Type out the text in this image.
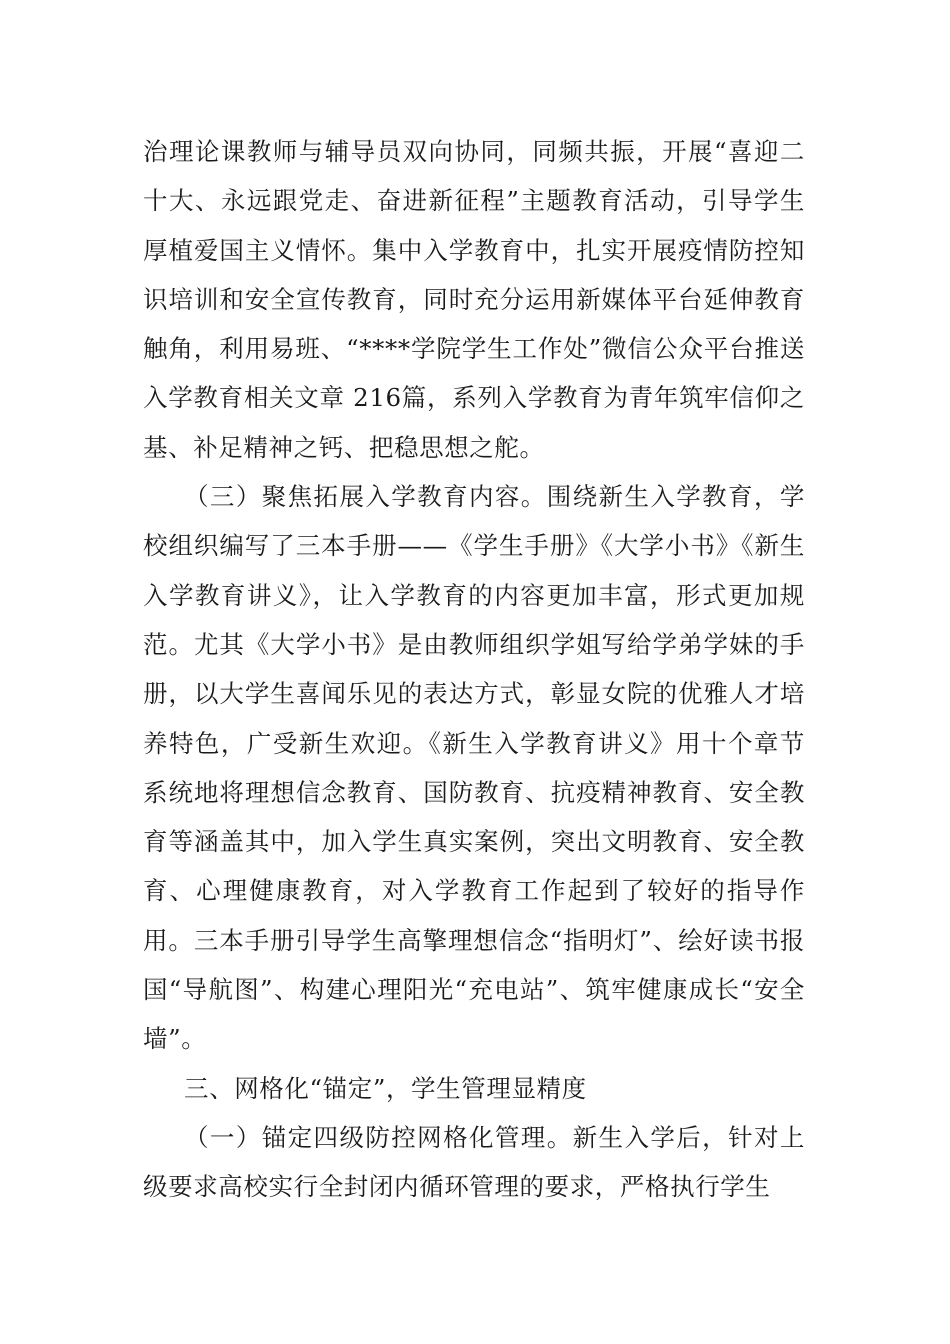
治理论课教师与辅导员双向协同，同频共振，开展“喜迎二十大、永远跟党走、奋进新征程”主题教育活动，引导学生厚植爱国主义情怀。集中入学教育中，扎实开展疫情防控知识培训和安全宣传教育，同时充分运用新媒体平台延伸教育触角，利用易班、“****学院学生工作处”微信公众平台推送入学教育相关文章 216篇，系列入学教育为青年筑牢信仰之基、补足精神之钙、把稳思想之舵。

（三）聚焦拓展入学教育内容。围绕新生入学教育，学校组织编写了三本手册——《学生手册》《大学小书》《新生入学教育讲义》，让入学教育的内容更加丰富，形式更加规范。尤其《大学小书》是由教师组织学姐写给学弟学妹的手册，以大学生喜闻乐见的表达方式，彰显女院的优雅人才培养特色，广受新生欢迎。《新生入学教育讲义》用十个章节系统地将理想信念教育、国防教育、抗疫精神教育、安全教育等涵盖其中，加入学生真实案例，突出文明教育、安全教育、心理健康教育，对入学教育工作起到了较好的指导作用。三本手册引导学生高擎理想信念“指明灯”、绘好读书报国“导航图”、构建心理阳光“充电站”、筑牢健康成长“安全墙”。

三、网格化“锚定”，学生管理显精度

（一）锚定四级防控网格化管理。新生入学后，针对上级要求高校实行全封闭内循环管理的要求，严格执行学生
